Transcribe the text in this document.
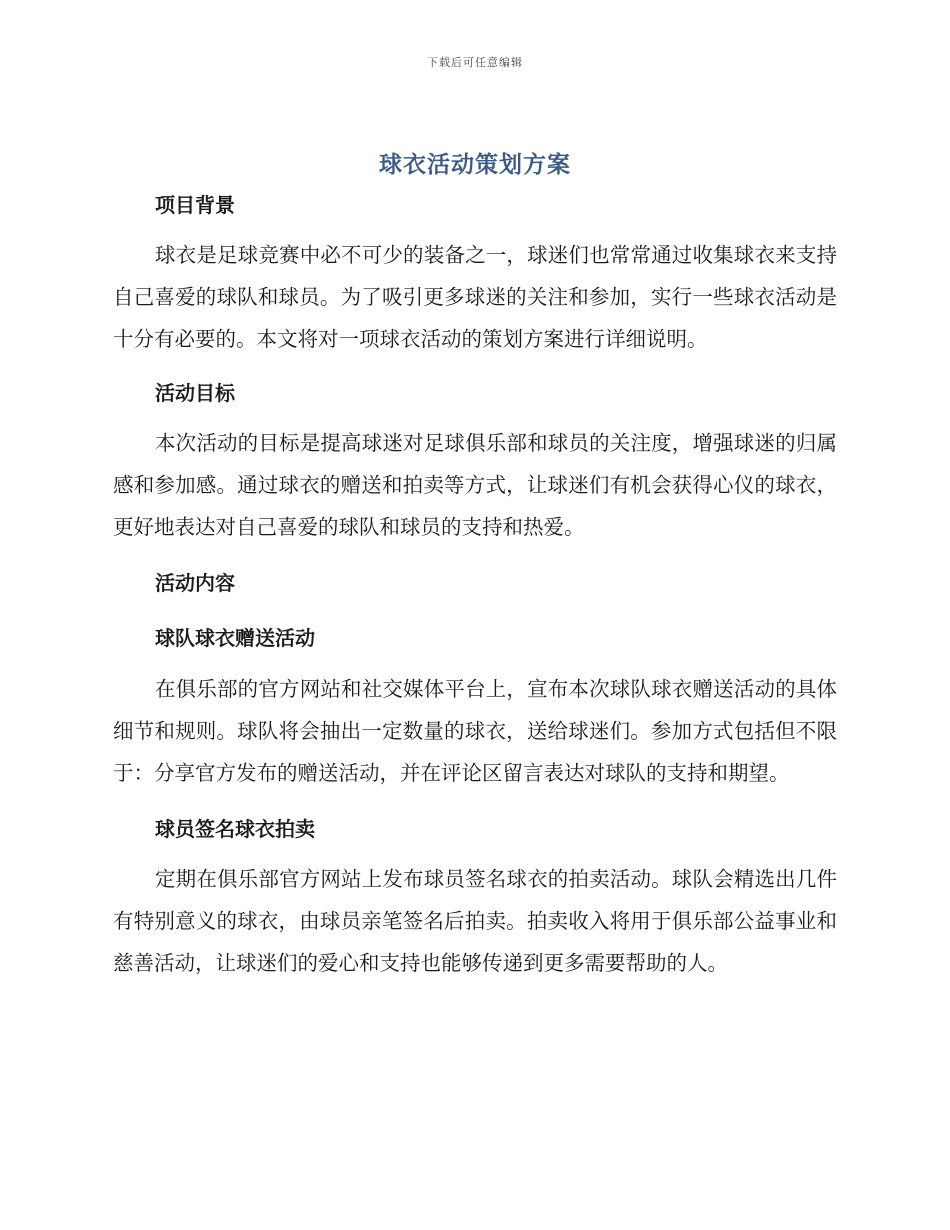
下载后可任意编辑
球衣活动策划方案

项目背景

球衣是足球竞赛中必不可少的装备之一，球迷们也常常通过收集球衣来支持自己喜爱的球队和球员。为了吸引更多球迷的关注和参加，实行一些球衣活动是十分有必要的。本文将对一项球衣活动的策划方案进行详细说明。

活动目标

本次活动的目标是提高球迷对足球俱乐部和球员的关注度，增强球迷的归属感和参加感。通过球衣的赠送和拍卖等方式，让球迷们有机会获得心仪的球衣，更好地表达对自己喜爱的球队和球员的支持和热爱。

活动内容

球队球衣赠送活动

在俱乐部的官方网站和社交媒体平台上，宣布本次球队球衣赠送活动的具体细节和规则。球队将会抽出一定数量的球衣，送给球迷们。参加方式包括但不限于：分享官方发布的赠送活动，并在评论区留言表达对球队的支持和期望。

球员签名球衣拍卖

定期在俱乐部官方网站上发布球员签名球衣的拍卖活动。球队会精选出几件有特别意义的球衣，由球员亲笔签名后拍卖。拍卖收入将用于俱乐部公益事业和慈善活动，让球迷们的爱心和支持也能够传递到更多需要帮助的人。
